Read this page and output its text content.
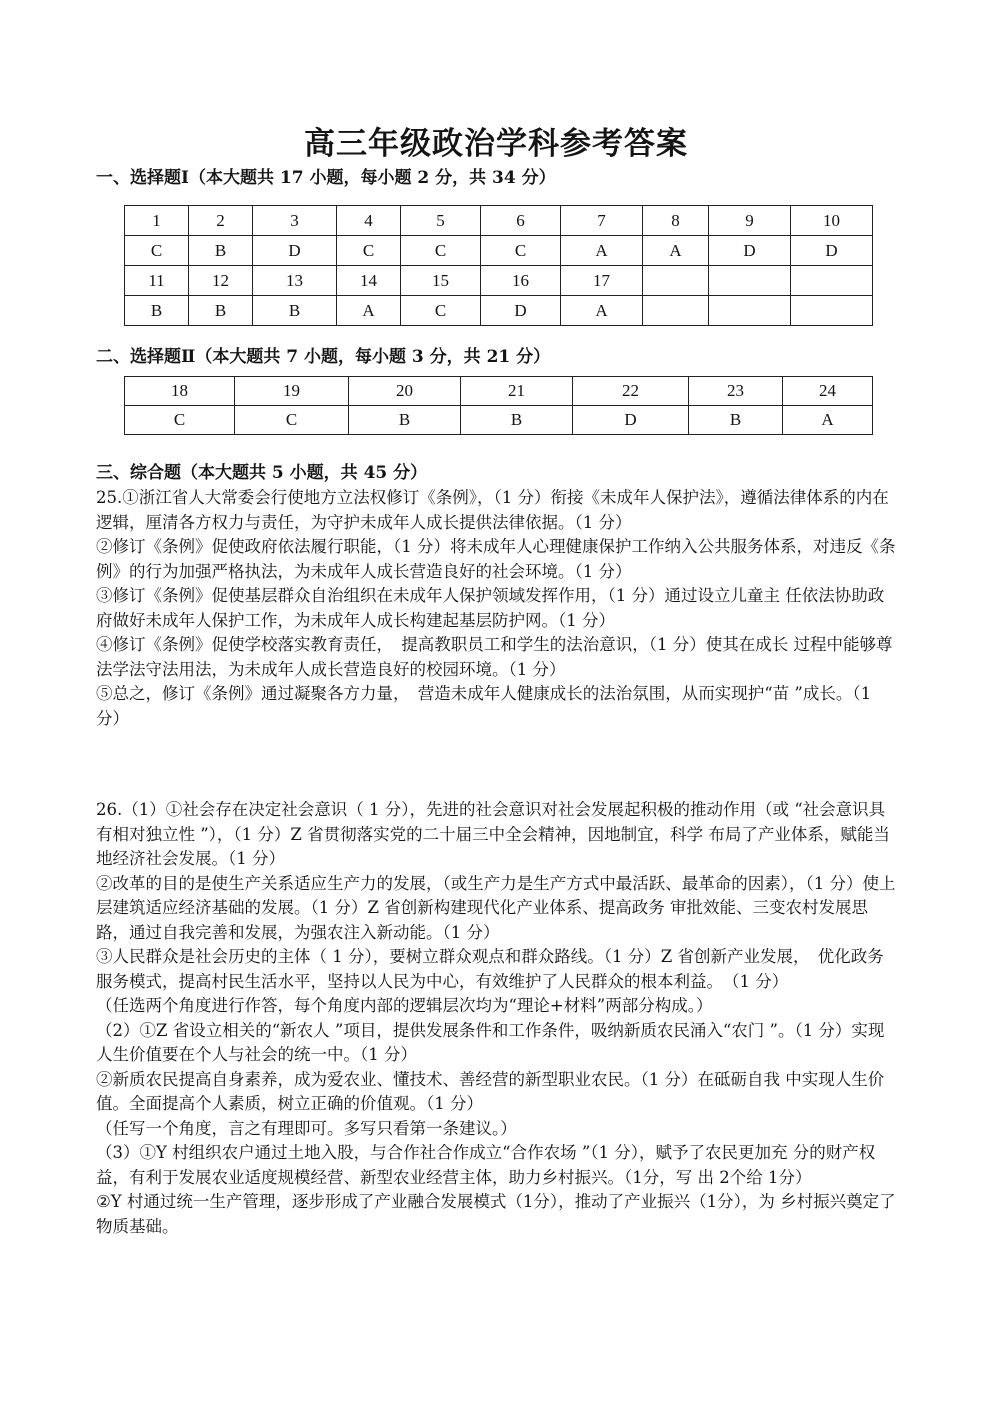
高三年级政治学科参考答案
一、选择题Ⅰ（本大题共 17 小题，每小题 2 分，共 34 分）
1	2	3	4	5	6	7	8	9	10
C	B	D	C	C	C	A	A	D	D
11	12	13	14	15	16	17			
B	B	B	A	C	D	A			
二、选择题Ⅱ（本大题共 7 小题，每小题 3 分，共 21 分）
18	19	20	21	22	23	24
C	C	B	B	D	B	A
三、综合题（本大题共 5 小题，共 45 分）

25.①浙江省人大常委会行使地方立法权修订《条例》，（1 分）衔接《未成年人保护法》，遵循法律体系的内在逻辑，厘清各方权力与责任，为守护未成年人成长提供法律依据。（1 分）

②修订《条例》促使政府依法履行职能，（1 分）将未成年人心理健康保护工作纳入公共服务体系，对违反《条例》的行为加强严格执法，为未成年人成长营造良好的社会环境。（1 分）

③修订《条例》促使基层群众自治组织在未成年人保护领域发挥作用，（1 分）通过设立儿童主 任依法协助政府做好未成年人保护工作，为未成年人成长构建起基层防护网。（1 分）

④修订《条例》促使学校落实教育责任，　提高教职员工和学生的法治意识，（1 分）使其在成长 过程中能够尊法学法守法用法，为未成年人成长营造良好的校园环境。（1 分）

⑤总之，修订《条例》通过凝聚各方力量，　营造未成年人健康成长的法治氛围，从而实现护“苗 ”成长。（1 分）

26.（1）①社会存在决定社会意识（ 1 分），先进的社会意识对社会发展起积极的推动作用（或 “社会意识具有相对独立性 ”），（1 分）Z 省贯彻落实党的二十届三中全会精神，因地制宜，科学 布局了产业体系，赋能当地经济社会发展。（1 分）

②改革的目的是使生产关系适应生产力的发展，（或生产力是生产方式中最活跃、最革命的因素），（1 分）使上层建筑适应经济基础的发展。（1 分）Z 省创新构建现代化产业体系、提高政务 审批效能、三变农村发展思路，通过自我完善和发展，为强农注入新动能。（1 分）

③人民群众是社会历史的主体（ 1 分），要树立群众观点和群众路线。（1 分）Z 省创新产业发展，　优化政务服务模式，提高村民生活水平，坚持以人民为中心，有效维护了人民群众的根本利益。　（1 分）

（任选两个角度进行作答，每个角度内部的逻辑层次均为“理论+材料”两部分构成。）

（2）①Z 省设立相关的“新农人 ”项目，提供发展条件和工作条件，吸纳新质农民涌入“农门 ”。（1 分）实现人生价值要在个人与社会的统一中。（1 分）

②新质农民提高自身素养，成为爱农业、懂技术、善经营的新型职业农民。（1 分）在砥砺自我 中实现人生价值。全面提高个人素质，树立正确的价值观。（1 分）

（任写一个角度，言之有理即可。多写只看第一条建议。）

（3）①Y 村组织农户通过土地入股，与合作社合作成立“合作农场 ”（1 分），赋予了农民更加充 分的财产权益，有利于发展农业适度规模经营、新型农业经营主体，助力乡村振兴。（1分，写 出 2个给 1分）

②Y 村通过统一生产管理，逐步形成了产业融合发展模式（1分），推动了产业振兴（1分），为 乡村振兴奠定了物质基础。
